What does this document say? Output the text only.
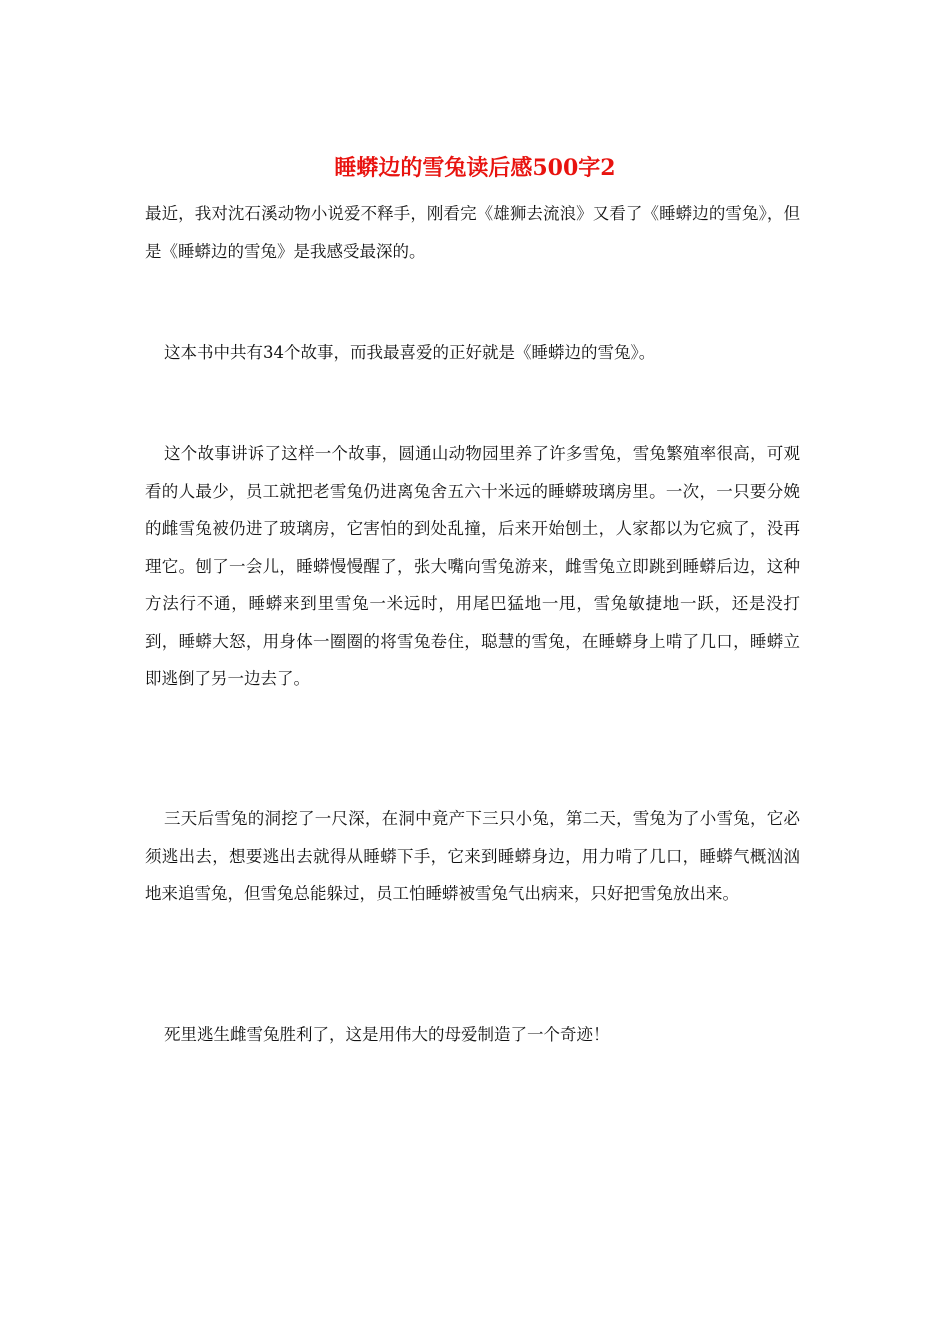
睡蟒边的雪兔读后感500字2

最近，我对沈石溪动物小说爱不释手，刚看完《雄狮去流浪》又看了《睡蟒边的雪兔》，但是《睡蟒边的雪兔》是我感受最深的。

这本书中共有34个故事，而我最喜爱的正好就是《睡蟒边的雪兔》。

这个故事讲诉了这样一个故事，圆通山动物园里养了许多雪兔，雪兔繁殖率很高，可观看的人最少，员工就把老雪兔仍进离兔舍五六十米远的睡蟒玻璃房里。一次，一只要分娩的雌雪兔被仍进了玻璃房，它害怕的到处乱撞，后来开始刨土，人家都以为它疯了，没再理它。刨了一会儿，睡蟒慢慢醒了，张大嘴向雪兔游来，雌雪兔立即跳到睡蟒后边，这种方法行不通，睡蟒来到里雪兔一米远时，用尾巴猛地一甩，雪兔敏捷地一跃，还是没打到，睡蟒大怒，用身体一圈圈的将雪兔卷住，聪慧的雪兔，在睡蟒身上啃了几口，睡蟒立即逃倒了另一边去了。

三天后雪兔的洞挖了一尺深，在洞中竟产下三只小兔，第二天，雪兔为了小雪兔，它必须逃出去，想要逃出去就得从睡蟒下手，它来到睡蟒身边，用力啃了几口，睡蟒气概汹汹地来追雪兔，但雪兔总能躲过，员工怕睡蟒被雪兔气出病来，只好把雪兔放出来。

死里逃生雌雪兔胜利了，这是用伟大的母爱制造了一个奇迹！
